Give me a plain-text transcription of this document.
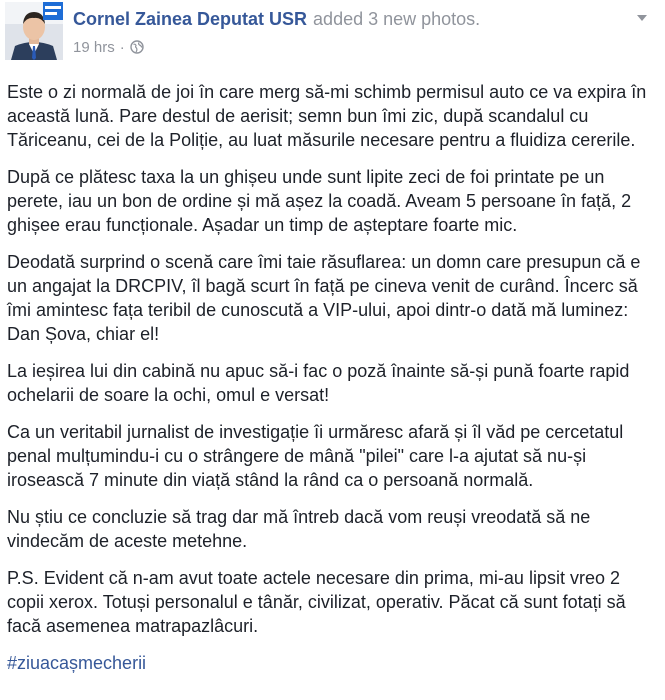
Cornel Zainea Deputat USR added 3 new photos.
19 hrs ·

Este o zi normală de joi în care merg să-mi schimb permisul auto ce va expira în această lună. Pare destul de aerisit; semn bun îmi zic, după scandalul cu Tăriceanu, cei de la Poliție, au luat măsurile necesare pentru a fluidiza cererile.

După ce plătesc taxa la un ghișeu unde sunt lipite zeci de foi printate pe un perete, iau un bon de ordine și mă așez la coadă. Aveam 5 persoane în față, 2 ghișee erau funcționale. Așadar un timp de așteptare foarte mic.

Deodată surprind o scenă care îmi taie răsuflarea: un domn care presupun că e un angajat la DRCPIV, îl bagă scurt în față pe cineva venit de curând. Încerc să îmi amintesc fața teribil de cunoscută a VIP-ului, apoi dintr-o dată mă luminez: Dan Șova, chiar el!

La ieșirea lui din cabină nu apuc să-i fac o poză înainte să-și pună foarte rapid ochelarii de soare la ochi, omul e versat!

Ca un veritabil jurnalist de investigație îi urmăresc afară și îl văd pe cercetatul penal mulțumindu-i cu o strângere de mână "pilei" care l-a ajutat să nu-și irosească 7 minute din viață stând la rând ca o persoană normală.

Nu știu ce concluzie să trag dar mă întreb dacă vom reuși vreodată să ne vindecăm de aceste metehne.

P.S. Evident că n-am avut toate actele necesare din prima, mi-au lipsit vreo 2 copii xerox. Totuși personalul e tânăr, civilizat, operativ. Păcat că sunt fotați să facă asemenea matrapazlâcuri.

#ziuacașmecherii
